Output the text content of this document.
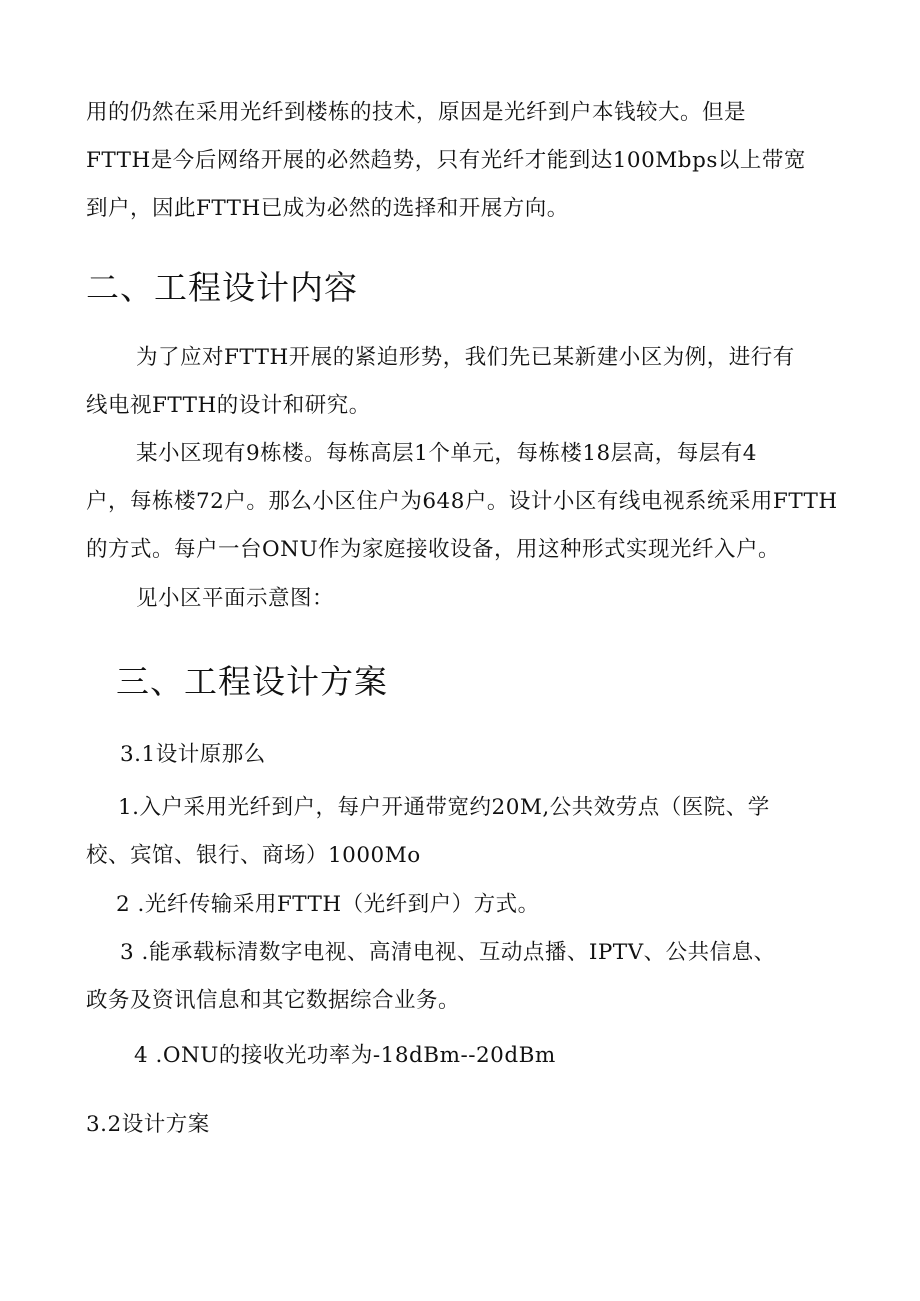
用的仍然在采用光纤到楼栋的技术，原因是光纤到户本钱较大。但是
FTTH是今后网络开展的必然趋势，只有光纤才能到达100Mbps以上带宽
到户，因此FTTH已成为必然的选择和开展方向。
二、工程设计内容
为了应对FTTH开展的紧迫形势，我们先已某新建小区为例，进行有
线电视FTTH的设计和研究。
某小区现有9栋楼。每栋高层1个单元，每栋楼18层高，每层有4
户，每栋楼72户。那么小区住户为648户。设计小区有线电视系统采用FTTH
的方式。每户一台ONU作为家庭接收设备，用这种形式实现光纤入户。
见小区平面示意图：
三、工程设计方案
3.1设计原那么
1.入户采用光纤到户，每户开通带宽约20M,公共效劳点（医院、学
校、宾馆、银行、商场）1000Mo
2 .光纤传输采用FTTH（光纤到户）方式。
3 .能承载标清数字电视、高清电视、互动点播、IPTV、公共信息、
政务及资讯信息和其它数据综合业务。
4 .ONU的接收光功率为-18dBm--20dBm
3.2设计方案
